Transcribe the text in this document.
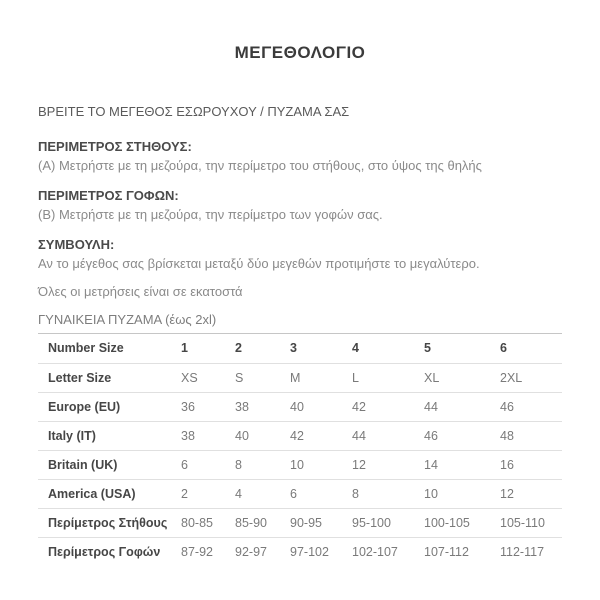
ΜΕΓΕΘΟΛΟΓΙΟ
ΒΡΕΙΤΕ ΤΟ ΜΕΓΕΘΟΣ ΕΣΩΡΟΥΧΟΥ / ΠΥΖΑΜΑ ΣΑΣ
ΠΕΡΙΜΕΤΡΟΣ ΣΤΗΘΟΥΣ:
(Α) Μετρήστε με τη μεζούρα, την περίμετρο του στήθους, στο ύψος της θηλής
ΠΕΡΙΜΕΤΡΟΣ ΓΟΦΩΝ:
(Β) Μετρήστε με τη μεζούρα, την περίμετρο των γοφών σας.
ΣΥΜΒΟΥΛΗ:
Αν το μέγεθος σας βρίσκεται μεταξύ δύο μεγεθών προτιμήστε το μεγαλύτερο.
Όλες οι μετρήσεις είναι σε εκατοστά
ΓΥΝΑΙΚΕΙΑ ΠΥΖΑΜΑ (έως 2xl)
Number Size	1	2	3	4	5	6
Letter Size	XS	S	M	L	XL	2XL
Europe (EU)	36	38	40	42	44	46
Italy (IT)	38	40	42	44	46	48
Britain (UK)	6	8	10	12	14	16
America (USA)	2	4	6	8	10	12
Περίμετρος Στήθους	80-85	85-90	90-95	95-100	100-105	105-110
Περίμετρος Γοφών	87-92	92-97	97-102	102-107	107-112	112-117
